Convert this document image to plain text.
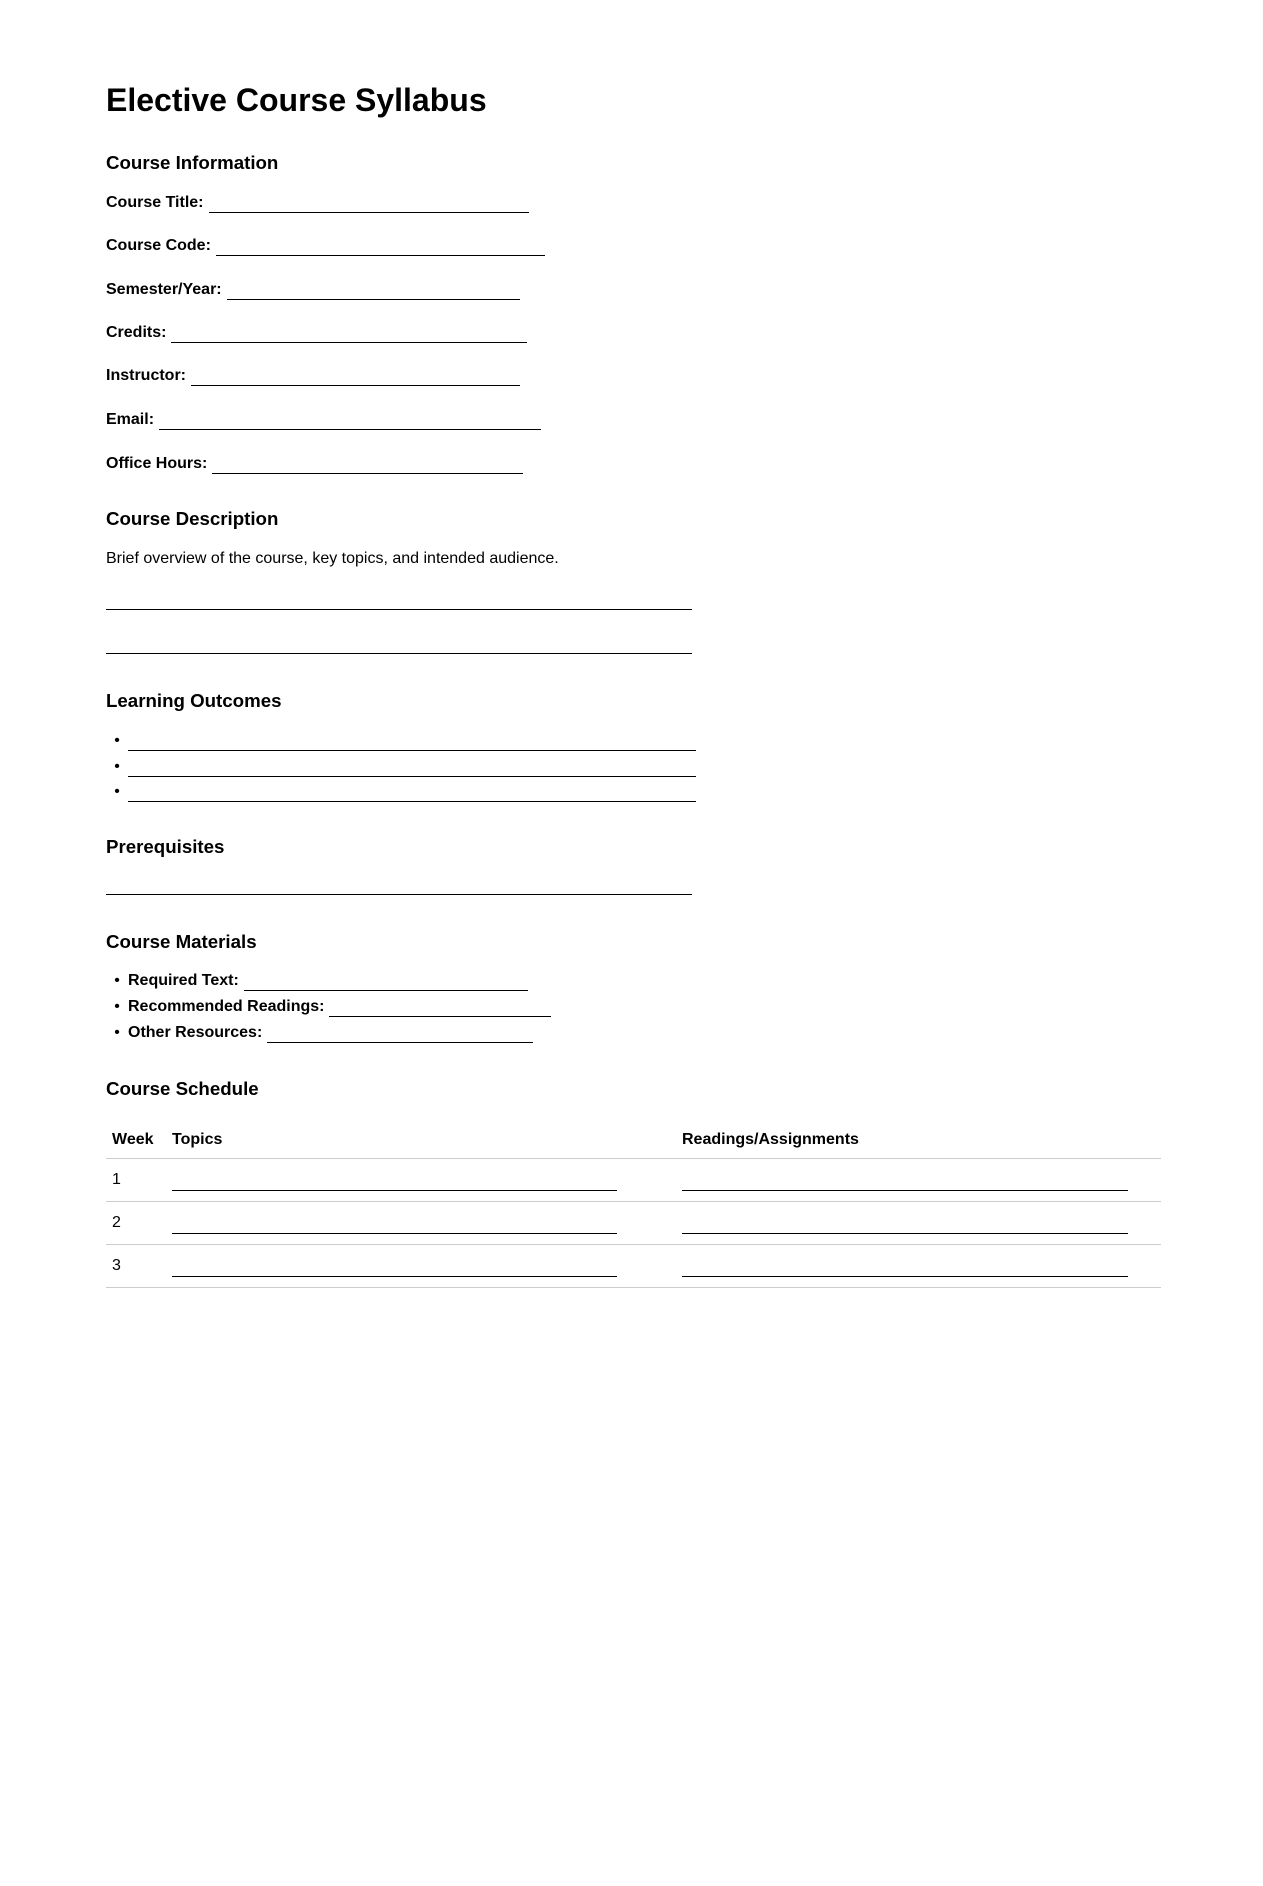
Elective Course Syllabus
Course Information
Course Title:
Course Code:
Semester/Year:
Credits:
Instructor:
Email:
Office Hours:
Course Description
Brief overview of the course, key topics, and intended audience.
Learning Outcomes
•
•
•
Prerequisites
Course Materials
• Required Text:
• Recommended Readings:
• Other Resources:
Course Schedule
Week	Topics	Readings/Assignments
1	

2	

3	
